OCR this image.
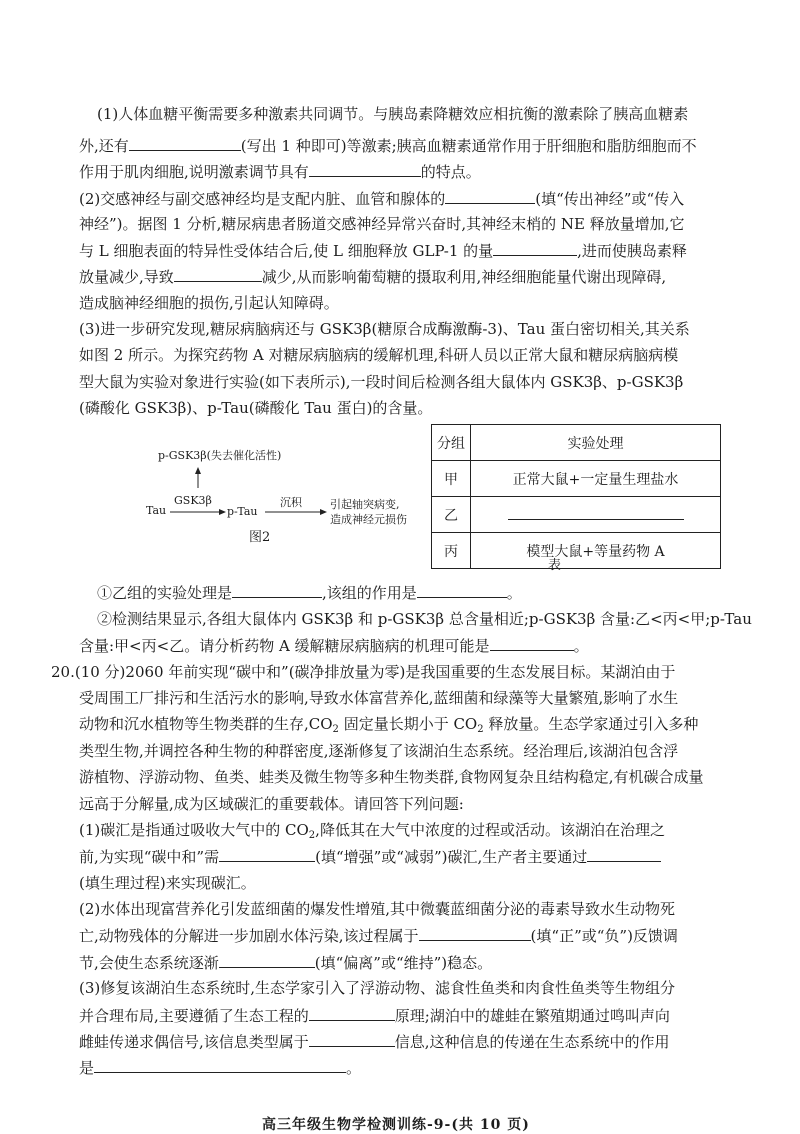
(1)人体血糖平衡需要多种激素共同调节。与胰岛素降糖效应相抗衡的激素除了胰高血糖素
外,还有	(写出 1 种即可)等激素;胰高血糖素通常作用于肝细胞和脂肪细胞而不
作用于肌肉细胞,说明激素调节具有	的特点。
(2)交感神经与副交感神经均是支配内脏、血管和腺体的	(填“传出神经”或“传入
神经”)。据图 1 分析,糖尿病患者肠道交感神经异常兴奋时,其神经末梢的 NE 释放量增加,它
与 L 细胞表面的特异性受体结合后,使 L 细胞释放 GLP-1 的量	,进而使胰岛素释
放量减少,导致	减少,从而影响葡萄糖的摄取利用,神经细胞能量代谢出现障碍,
造成脑神经细胞的损伤,引起认知障碍。
(3)进一步研究发现,糖尿病脑病还与 GSK3β(糖原合成酶激酶-3)、Tau 蛋白密切相关,其关系
如图 2 所示。为探究药物 A 对糖尿病脑病的缓解机理,科研人员以正常大鼠和糖尿病脑病模
型大鼠为实验对象进行实验(如下表所示),一段时间后检测各组大鼠体内 GSK3β、p-GSK3β
(磷酸化 GSK3β)、p-Tau(磷酸化 Tau 蛋白)的含量。
p-GSK3β(失去催化活性)
Tau
GSK3β
p-Tau
沉积	引起轴突病变,
造成神经元损伤
图2
分组	实验处理
甲	正常大鼠+一定量生理盐水
乙	
丙	模型大鼠+等量药物 A
表
①乙组的实验处理是	,该组的作用是	。
②检测结果显示,各组大鼠体内 GSK3β 和 p-GSK3β 总含量相近;p-GSK3β 含量:乙<丙<甲;p-Tau
含量:甲<丙<乙。请分析药物 A 缓解糖尿病脑病的机理可能是	。
20.(10 分)2060 年前实现“碳中和”(碳净排放量为零)是我国重要的生态发展目标。某湖泊由于
受周围工厂排污和生活污水的影响,导致水体富营养化,蓝细菌和绿藻等大量繁殖,影响了水生
动物和沉水植物等生物类群的生存$,CO_2$ 固定量长期小于 $CO_2$ 释放量。生态学家通过引入多种
类型生物,并调控各种生物的种群密度,逐渐修复了该湖泊生态系统。经治理后,该湖泊包含浮
游植物、浮游动物、鱼类、蛙类及微生物等多种生物类群,食物网复杂且结构稳定,有机碳合成量
远高于分解量,成为区域碳汇的重要载体。请回答下列问题:
(1)碳汇是指通过吸收大气中的 $CO_2$,降低其在大气中浓度的过程或活动。该湖泊在治理之
前,为实现“碳中和”需	(填“增强”或“减弱”)碳汇,生产者主要通过
(填生理过程)来实现碳汇。
(2)水体出现富营养化引发蓝细菌的爆发性增殖,其中微囊蓝细菌分泌的毒素导致水生动物死
亡,动物残体的分解进一步加剧水体污染,该过程属于	(填“正”或“负”)反馈调
节,会使生态系统逐渐	(填“偏离”或“维持”)稳态。
(3)修复该湖泊生态系统时,生态学家引入了浮游动物、滤食性鱼类和肉食性鱼类等生物组分
并合理布局,主要遵循了生态工程的	原理;湖泊中的雄蛙在繁殖期通过鸣叫声向
雌蛙传递求偶信号,该信息类型属于	信息,这种信息的传递在生态系统中的作用
是	。
高三年级生物学检测训练-9-(共 10 页)
